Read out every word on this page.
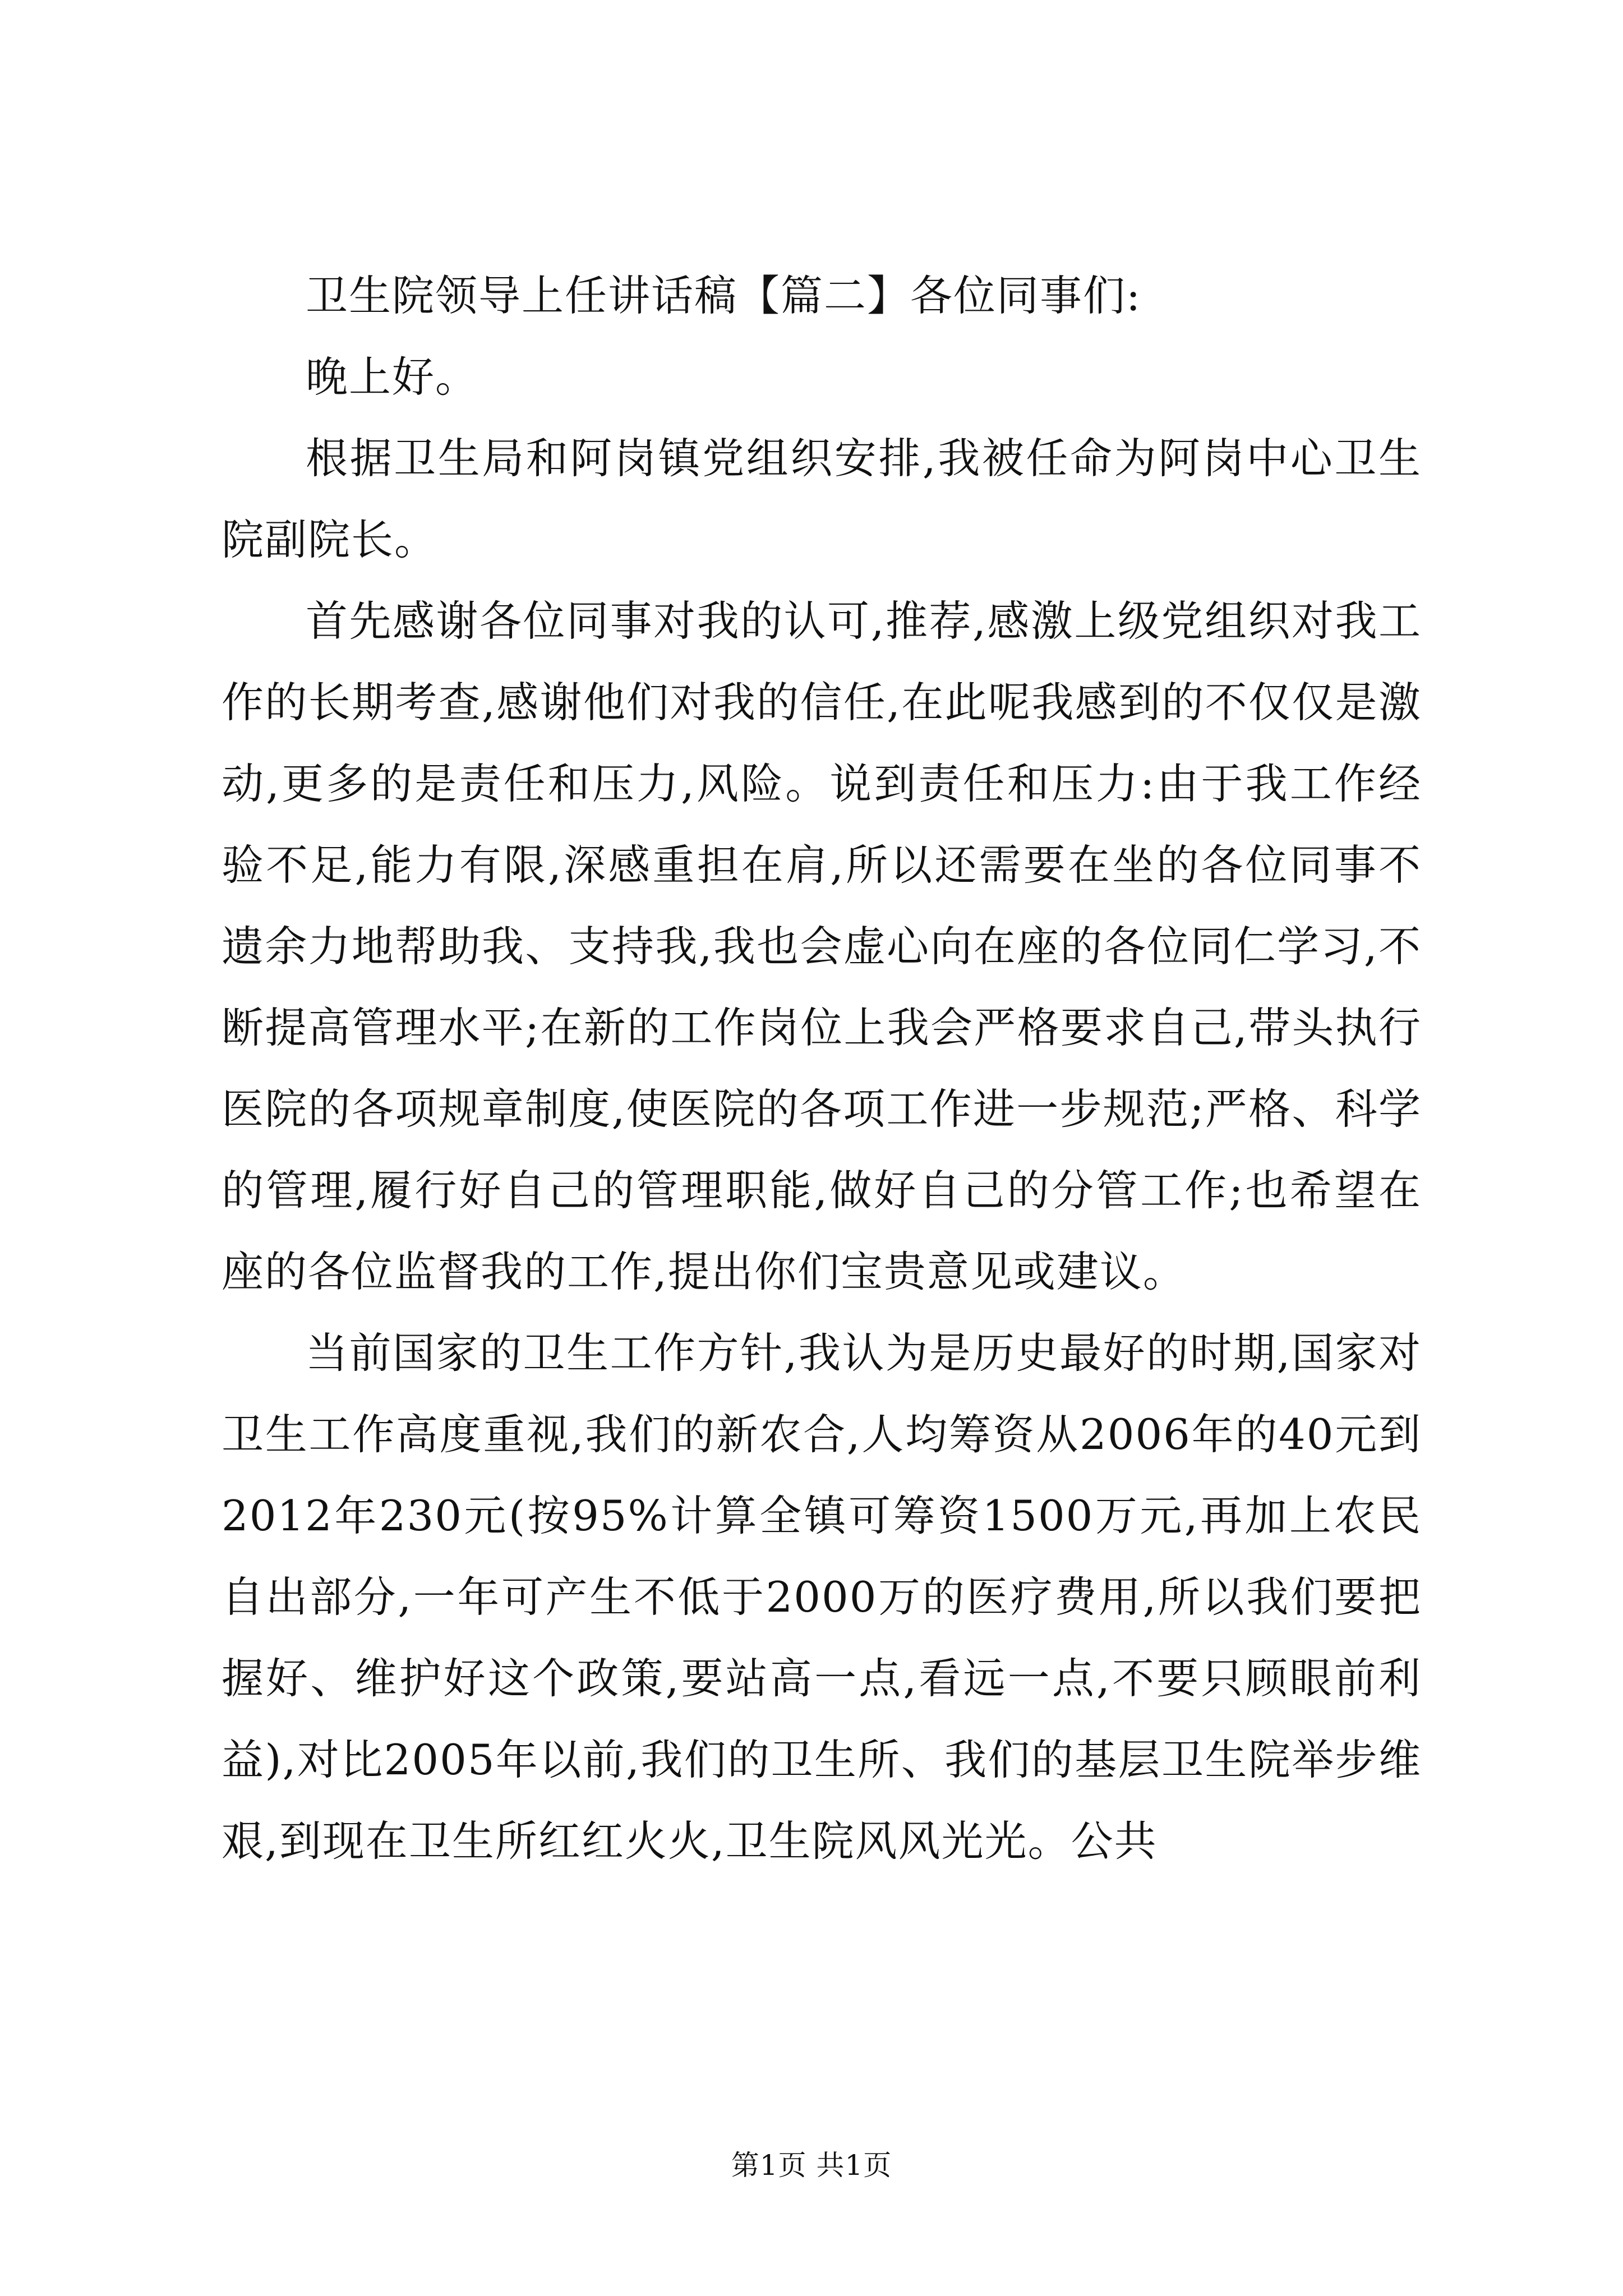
卫生院领导上任讲话稿【篇二】各位同事们:

晚上好。

根据卫生局和阿岗镇党组织安排,我被任命为阿岗中心卫生院副院长。

首先感谢各位同事对我的认可,推荐,感激上级党组织对我工作的长期考查,感谢他们对我的信任,在此呢我感到的不仅仅是激动,更多的是责任和压力,风险。说到责任和压力:由于我工作经验不足,能力有限,深感重担在肩,所以还需要在坐的各位同事不遗余力地帮助我、支持我,我也会虚心向在座的各位同仁学习,不断提高管理水平;在新的工作岗位上我会严格要求自己,带头执行医院的各项规章制度,使医院的各项工作进一步规范;严格、科学的管理,履行好自己的管理职能,做好自己的分管工作;也希望在座的各位监督我的工作,提出你们宝贵意见或建议。

当前国家的卫生工作方针,我认为是历史最好的时期,国家对卫生工作高度重视,我们的新农合,人均筹资从2006年的40元到2012年230元(按95%计算全镇可筹资1500万元,再加上农民自出部分,一年可产生不低于2000万的医疗费用,所以我们要把握好、维护好这个政策,要站高一点,看远一点,不要只顾眼前利益),对比2005年以前,我们的卫生所、我们的基层卫生院举步维艰,到现在卫生所红红火火,卫生院风风光光。公共

第1页 共1页
